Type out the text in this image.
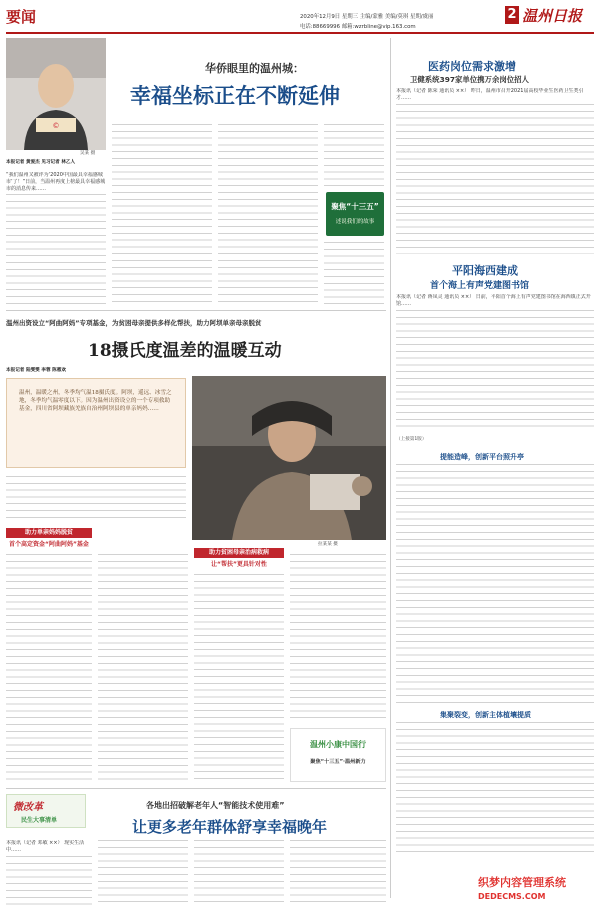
要闻	2020年12月9日 星期三 主编/蒙雅 美编/莫琪 星期/虞丽
电话:88669996 邮箱:wzrbline@vip.163.com
2 温州日报
©
吴某 摄
华侨眼里的温州城：
幸福坐标正在不断延伸
本报记者 黄爱杰 见习记者 林乙人
“我们温州又被评为‘2020中国最具幸福感城市’了！”日前，当温州再度上榜最具幸福感城市的消息传来……
聚焦“十三五”
述说我们的故事
医药岗位需求激增
卫健系统397家单位携万余岗位招人
本报讯（记者 陈荣 通讯员 ××） 昨日，温州市召开2021届高校毕业生医药卫生类引才……
平阳海西建成
首个海上有声党建图书馆
本报讯（记者 蒋凤灵 通讯员 ××） 日前，平阳首个海上有声党建图书馆在海西镇正式开馆……
（上接第1版）
提能造峰，创新平台照升亭
集聚裂变，创新主体植壤提质
温州出资设立“阿曲阿妈”专项基金，为贫困母亲提供多样化帮扶，助力阿坝单亲母亲脱贫
18摄氏度温差的温暖互动
本报记者 陆雯雯 李蓉 陈惠欢
温州，温暖之州，冬季均气温18摄氏度。阿坝，遥远、冰雪之地，冬季均气温零度以下。因为温州出资设立的一个专项救助基金，四川省阿坝藏族羌族自治州阿坝县的单亲妈妈……
拉某某 摄
助力单亲妈妈脱贫
首个高定资金“阿曲阿妈”基金
助力贫困母亲治病救病
让“帮扶”更具针对性
温州小康中国行
聚焦“十三五”·温州新力
微改革
民生大事清单
各地出招破解老年人“智能技术使用难”
让更多老年群体舒享幸福晚年
本报讯（记者 邓敏 ××） 现实生活中……
织梦内容管理系统
DEDECMS.COM
